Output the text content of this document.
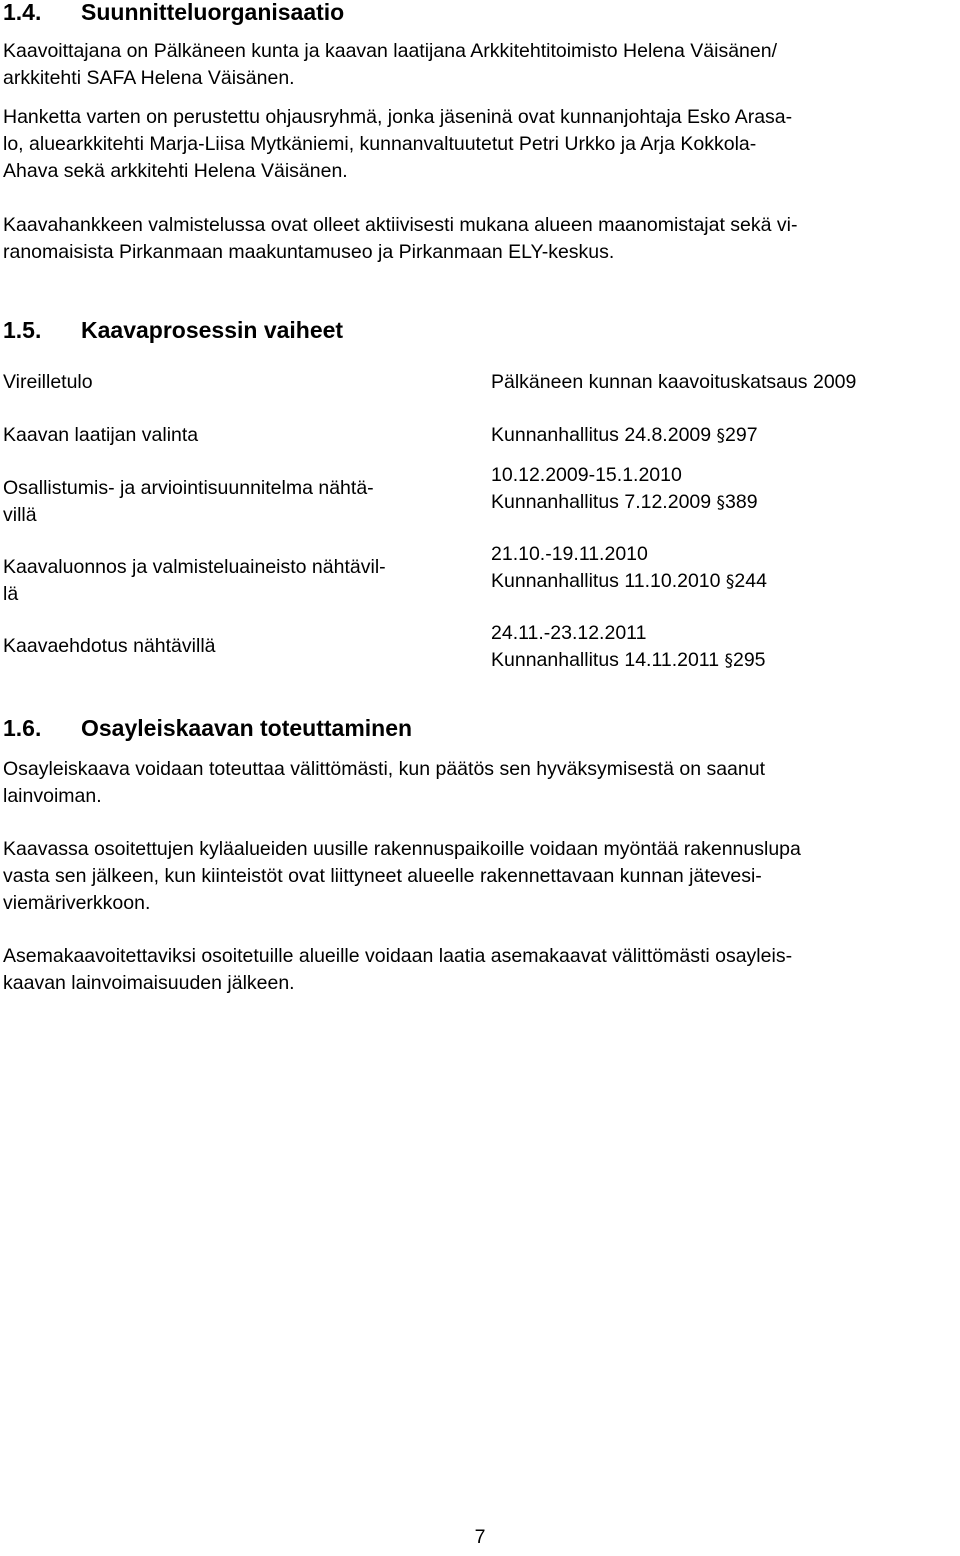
1.4. Suunnitteluorganisaatio

Kaavoittajana on Pälkäneen kunta ja kaavan laatijana Arkkitehtitoimisto Helena Väisänen/
arkkitehti SAFA Helena Väisänen.

Hanketta varten on perustettu ohjausryhmä, jonka jäseninä ovat kunnanjohtaja Esko Arasa-
lo, aluearkkitehti Marja-Liisa Mytkäniemi, kunnanvaltuutetut Petri Urkko ja Arja Kokkola-
Ahava sekä arkkitehti Helena Väisänen.

Kaavahankkeen valmistelussa ovat olleet aktiivisesti mukana alueen maanomistajat sekä vi-
ranomaisista Pirkanmaan maakuntamuseo ja Pirkanmaan ELY-keskus.

1.5. Kaavaprosessin vaiheet
Vireilletulo	Pälkäneen kunnan kaavoituskatsaus 2009
Kaavan laatijan valinta	Kunnanhallitus 24.8.2009 §297
Osallistumis- ja arviointisuunnitelma nähtä-
villä
10.12.2009-15.1.2010
Kunnanhallitus 7.12.2009 §389
Kaavaluonnos ja valmisteluaineisto nähtävil-
lä
21.10.-19.11.2010
Kunnanhallitus 11.10.2010 §244
Kaavaehdotus nähtävillä
24.11.-23.12.2011
Kunnanhallitus 14.11.2011 §295
1.6. Osayleiskaavan toteuttaminen

Osayleiskaava voidaan toteuttaa välittömästi, kun päätös sen hyväksymisestä on saanut
lainvoiman.

Kaavassa osoitettujen kyläalueiden uusille rakennuspaikoille voidaan myöntää rakennuslupa
vasta sen jälkeen, kun kiinteistöt ovat liittyneet alueelle rakennettavaan kunnan jätevesi-
viemäriverkkoon.

Asemakaavoitettaviksi osoitetuille alueille voidaan laatia asemakaavat välittömästi osayleis-
kaavan lainvoimaisuuden jälkeen.

7
